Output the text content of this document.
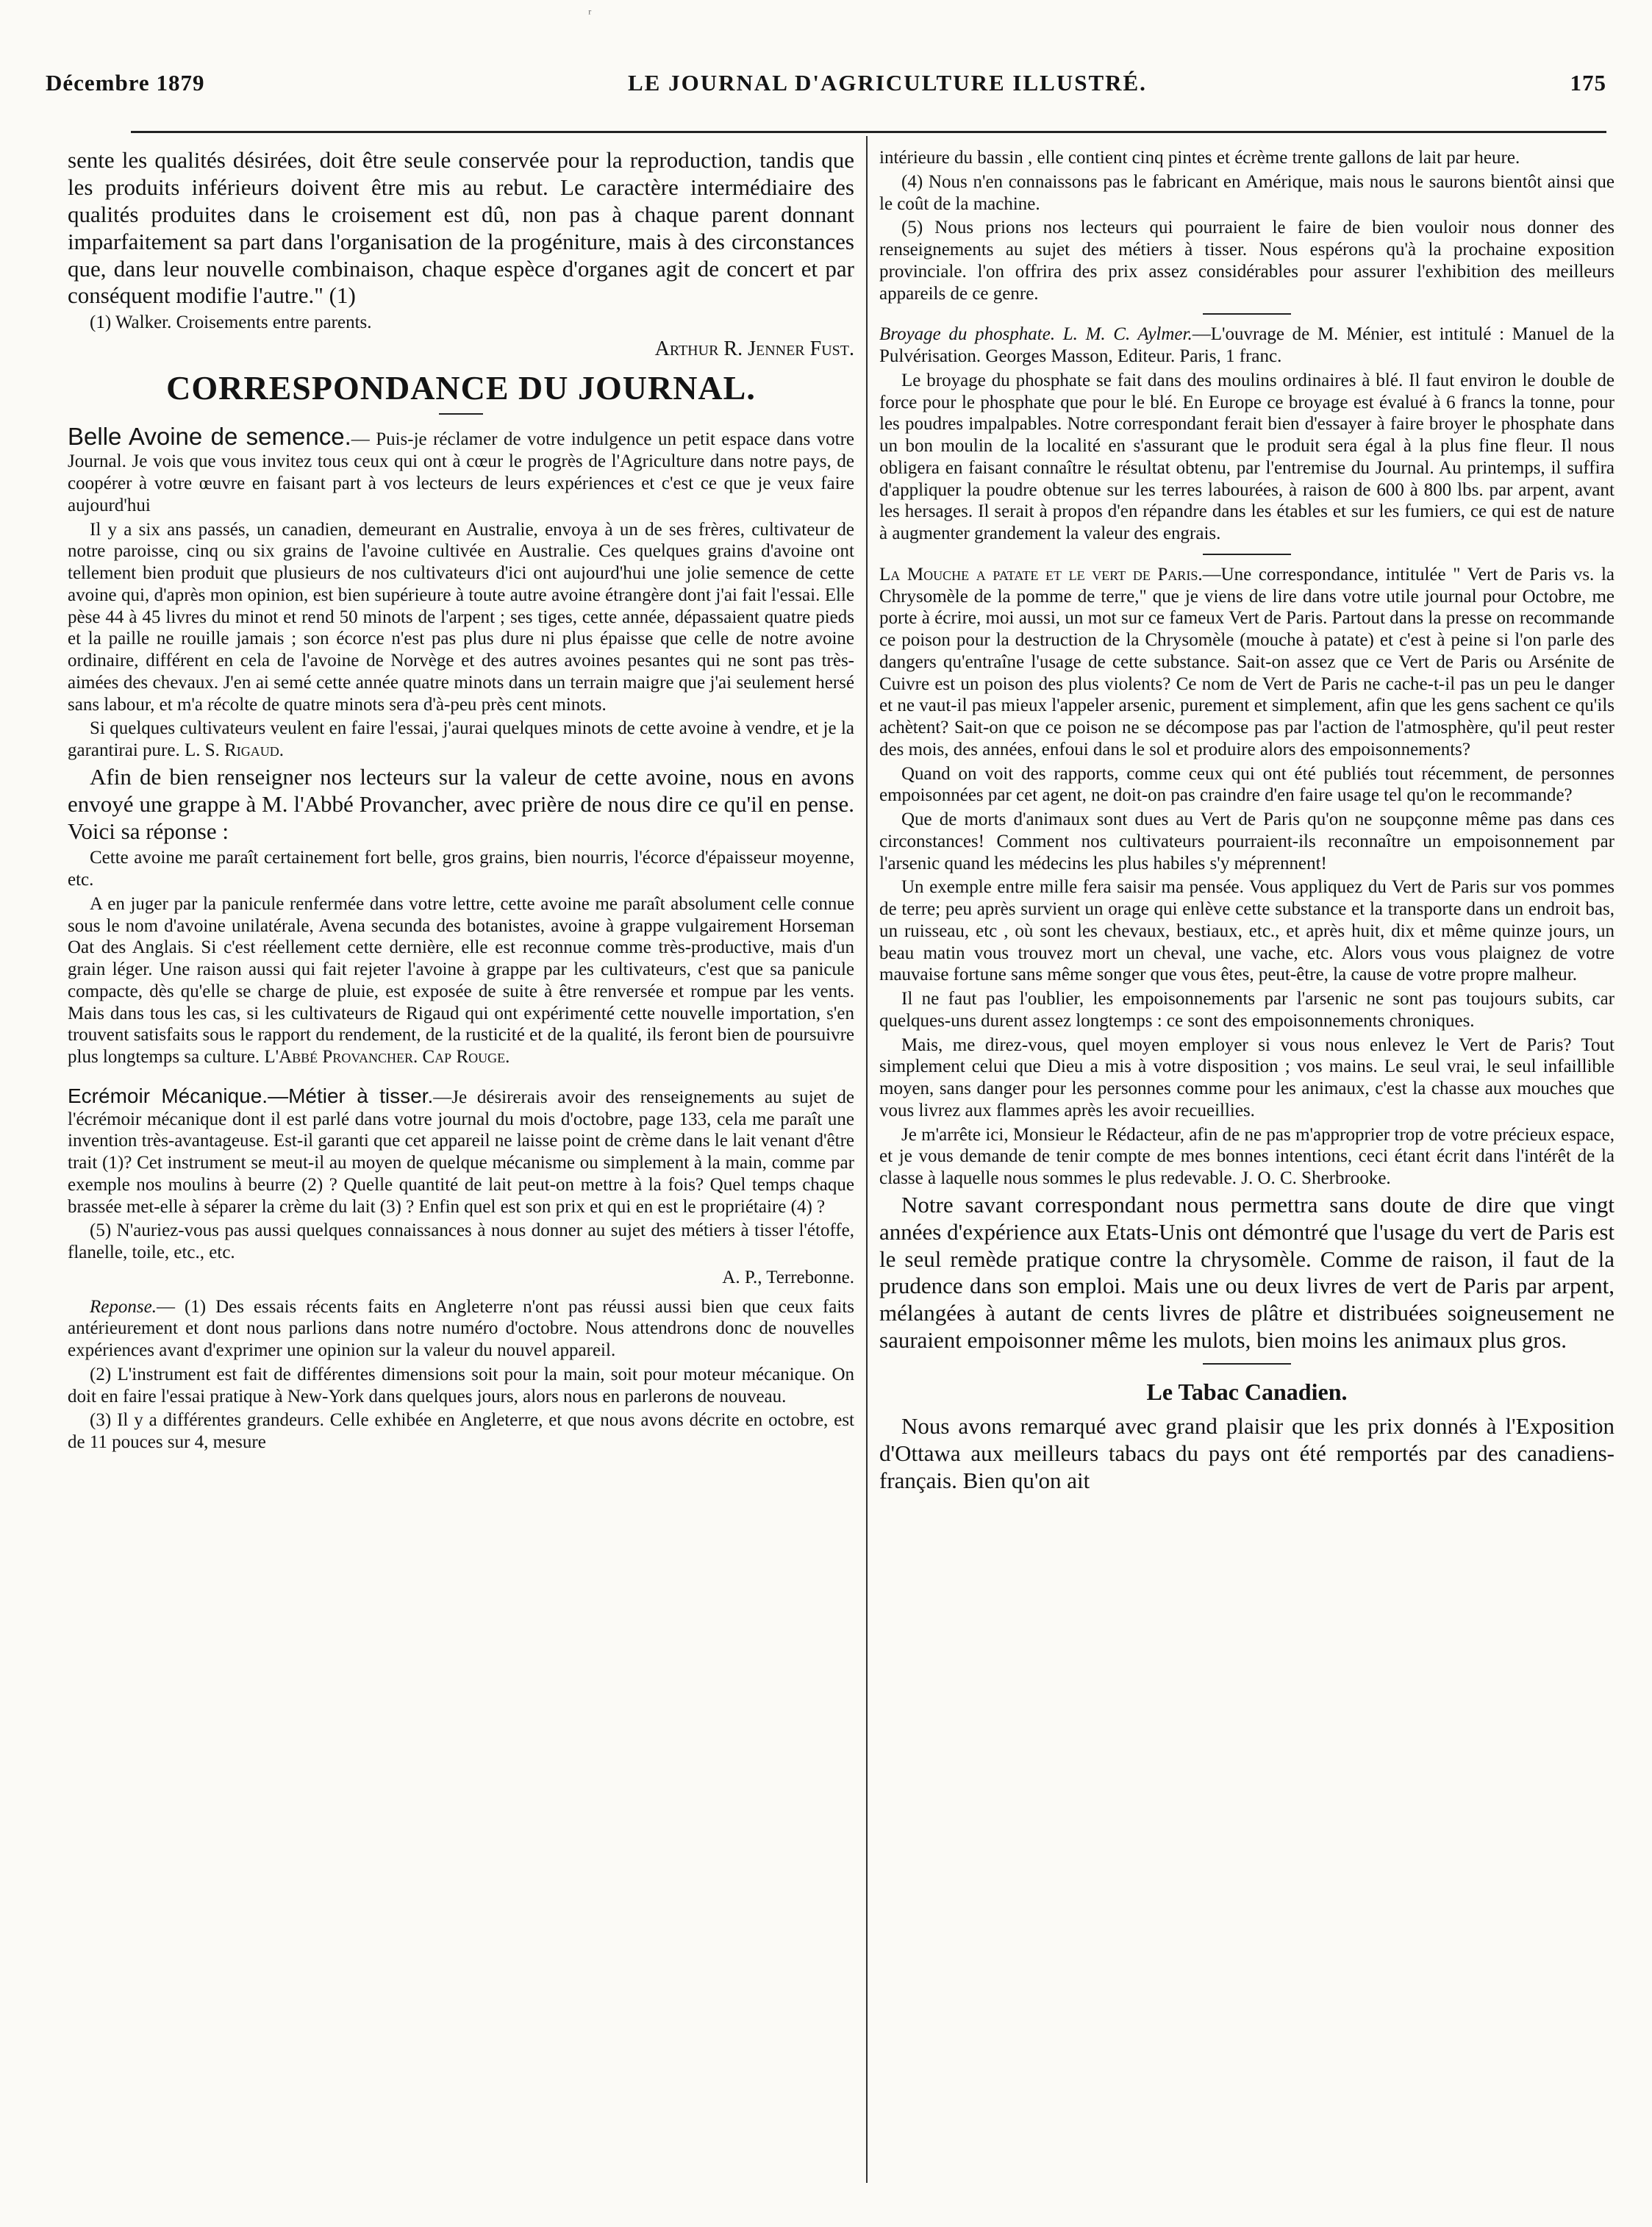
ʳ
Décembre 1879	LE JOURNAL D'AGRICULTURE ILLUSTRÉ.	175

sente les qualités désirées, doit être seule conservée pour la reproduction, tandis que les produits inférieurs doivent être mis au rebut. Le caractère intermédiaire des qualités produites dans le croisement est dû, non pas à chaque parent donnant imparfaitement sa part dans l'organisation de la progéniture, mais à des circonstances que, dans leur nouvelle combinaison, chaque espèce d'organes agit de concert et par conséquent modifie l'autre." (1)

(1) Walker. Croisements entre parents.

Arthur R. Jenner Fust.

CORRESPONDANCE DU JOURNAL.

Belle Avoine de semence.— Puis-je réclamer de votre indulgence un petit espace dans votre Journal. Je vois que vous invitez tous ceux qui ont à cœur le progrès de l'Agriculture dans notre pays, de coopérer à votre œuvre en faisant part à vos lecteurs de leurs expériences et c'est ce que je veux faire aujourd'hui

Il y a six ans passés, un canadien, demeurant en Australie, envoya à un de ses frères, cultivateur de notre paroisse, cinq ou six grains de l'avoine cultivée en Australie. Ces quelques grains d'avoine ont tellement bien produit que plusieurs de nos cultivateurs d'ici ont aujourd'hui une jolie semence de cette avoine qui, d'après mon opinion, est bien supérieure à toute autre avoine étrangère dont j'ai fait l'essai. Elle pèse 44 à 45 livres du minot et rend 50 minots de l'arpent ; ses tiges, cette année, dépassaient quatre pieds et la paille ne rouille jamais ; son écorce n'est pas plus dure ni plus épaisse que celle de notre avoine ordinaire, différent en cela de l'avoine de Norvège et des autres avoines pesantes qui ne sont pas très-aimées des chevaux. J'en ai semé cette année quatre minots dans un terrain maigre que j'ai seulement hersé sans labour, et m'a récolte de quatre minots sera d'à-peu près cent minots.

Si quelques cultivateurs veulent en faire l'essai, j'aurai quelques minots de cette avoine à vendre, et je la garantirai pure. L. S. Rigaud.

Afin de bien renseigner nos lecteurs sur la valeur de cette avoine, nous en avons envoyé une grappe à M. l'Abbé Provancher, avec prière de nous dire ce qu'il en pense. Voici sa réponse :

Cette avoine me paraît certainement fort belle, gros grains, bien nourris, l'écorce d'épaisseur moyenne, etc.

A en juger par la panicule renfermée dans votre lettre, cette avoine me paraît absolument celle connue sous le nom d'avoine unilatérale, Avena secunda des botanistes, avoine à grappe vulgairement Horseman Oat des Anglais. Si c'est réellement cette dernière, elle est reconnue comme très-productive, mais d'un grain léger. Une raison aussi qui fait rejeter l'avoine à grappe par les cultivateurs, c'est que sa panicule compacte, dès qu'elle se charge de pluie, est exposée de suite à être renversée et rompue par les vents. Mais dans tous les cas, si les cultivateurs de Rigaud qui ont expérimenté cette nouvelle importation, s'en trouvent satisfaits sous le rapport du rendement, de la rusticité et de la qualité, ils feront bien de poursuivre plus longtemps sa culture. L'Abbé Provancher. Cap Rouge.

Ecrémoir Mécanique.—Métier à tisser.—Je désirerais avoir des renseignements au sujet de l'écrémoir mécanique dont il est parlé dans votre journal du mois d'octobre, page 133, cela me paraît une invention très-avantageuse. Est-il garanti que cet appareil ne laisse point de crème dans le lait venant d'être trait (1)? Cet instrument se meut-il au moyen de quelque mécanisme ou simplement à la main, comme par exemple nos moulins à beurre (2) ? Quelle quantité de lait peut-on mettre à la fois? Quel temps chaque brassée met-elle à séparer la crème du lait (3) ? Enfin quel est son prix et qui en est le propriétaire (4) ?

(5) N'auriez-vous pas aussi quelques connaissances à nous donner au sujet des métiers à tisser l'étoffe, flanelle, toile, etc., etc.

A. P., Terrebonne.

Reponse.— (1) Des essais récents faits en Angleterre n'ont pas réussi aussi bien que ceux faits antérieurement et dont nous parlions dans notre numéro d'octobre. Nous attendrons donc de nouvelles expériences avant d'exprimer une opinion sur la valeur du nouvel appareil.

(2) L'instrument est fait de différentes dimensions soit pour la main, soit pour moteur mécanique. On doit en faire l'essai pratique à New-York dans quelques jours, alors nous en parlerons de nouveau.

(3) Il y a différentes grandeurs. Celle exhibée en Angleterre, et que nous avons décrite en octobre, est de 11 pouces sur 4, mesure

intérieure du bassin , elle contient cinq pintes et écrème trente gallons de lait par heure.

(4) Nous n'en connaissons pas le fabricant en Amérique, mais nous le saurons bientôt ainsi que le coût de la machine.

(5) Nous prions nos lecteurs qui pourraient le faire de bien vouloir nous donner des renseignements au sujet des métiers à tisser. Nous espérons qu'à la prochaine exposition provinciale. l'on offrira des prix assez considérables pour assurer l'exhibition des meilleurs appareils de ce genre.

Broyage du phosphate. L. M. C. Aylmer.—L'ouvrage de M. Ménier, est intitulé : Manuel de la Pulvérisation. Georges Masson, Editeur. Paris, 1 franc.

Le broyage du phosphate se fait dans des moulins ordinaires à blé. Il faut environ le double de force pour le phosphate que pour le blé. En Europe ce broyage est évalué à 6 francs la tonne, pour les poudres impalpables. Notre correspondant ferait bien d'essayer à faire broyer le phosphate dans un bon moulin de la localité en s'assurant que le produit sera égal à la plus fine fleur. Il nous obligera en faisant connaître le résultat obtenu, par l'entremise du Journal. Au printemps, il suffira d'appliquer la poudre obtenue sur les terres labourées, à raison de 600 à 800 lbs. par arpent, avant les hersages. Il serait à propos d'en répandre dans les étables et sur les fumiers, ce qui est de nature à augmenter grandement la valeur des engrais.

La Mouche a patate et le vert de Paris.—Une correspondance, intitulée " Vert de Paris vs. la Chrysomèle de la pomme de terre," que je viens de lire dans votre utile journal pour Octobre, me porte à écrire, moi aussi, un mot sur ce fameux Vert de Paris. Partout dans la presse on recommande ce poison pour la destruction de la Chrysomèle (mouche à patate) et c'est à peine si l'on parle des dangers qu'entraîne l'usage de cette substance. Sait-on assez que ce Vert de Paris ou Arsénite de Cuivre est un poison des plus violents? Ce nom de Vert de Paris ne cache-t-il pas un peu le danger et ne vaut-il pas mieux l'appeler arsenic, purement et simplement, afin que les gens sachent ce qu'ils achètent? Sait-on que ce poison ne se décompose pas par l'action de l'atmosphère, qu'il peut rester des mois, des années, enfoui dans le sol et produire alors des empoisonnements?

Quand on voit des rapports, comme ceux qui ont été publiés tout récemment, de personnes empoisonnées par cet agent, ne doit-on pas craindre d'en faire usage tel qu'on le recommande?

Que de morts d'animaux sont dues au Vert de Paris qu'on ne soupçonne même pas dans ces circonstances! Comment nos cultivateurs pourraient-ils reconnaître un empoisonnement par l'arsenic quand les médecins les plus habiles s'y méprennent!

Un exemple entre mille fera saisir ma pensée. Vous appliquez du Vert de Paris sur vos pommes de terre; peu après survient un orage qui enlève cette substance et la transporte dans un endroit bas, un ruisseau, etc , où sont les chevaux, bestiaux, etc., et après huit, dix et même quinze jours, un beau matin vous trouvez mort un cheval, une vache, etc. Alors vous vous plaignez de votre mauvaise fortune sans même songer que vous êtes, peut-être, la cause de votre propre malheur.

Il ne faut pas l'oublier, les empoisonnements par l'arsenic ne sont pas toujours subits, car quelques-uns durent assez longtemps : ce sont des empoisonnements chroniques.

Mais, me direz-vous, quel moyen employer si vous nous enlevez le Vert de Paris? Tout simplement celui que Dieu a mis à votre disposition ; vos mains. Le seul vrai, le seul infaillible moyen, sans danger pour les personnes comme pour les animaux, c'est la chasse aux mouches que vous livrez aux flammes après les avoir recueillies.

Je m'arrête ici, Monsieur le Rédacteur, afin de ne pas m'approprier trop de votre précieux espace, et je vous demande de tenir compte de mes bonnes intentions, ceci étant écrit dans l'intérêt de la classe à laquelle nous sommes le plus redevable. J. O. C. Sherbrooke.

Notre savant correspondant nous permettra sans doute de dire que vingt années d'expérience aux Etats-Unis ont démontré que l'usage du vert de Paris est le seul remède pratique contre la chrysomèle. Comme de raison, il faut de la prudence dans son emploi. Mais une ou deux livres de vert de Paris par arpent, mélangées à autant de cents livres de plâtre et distribuées soigneusement ne sauraient empoisonner même les mulots, bien moins les animaux plus gros.

Le Tabac Canadien.

Nous avons remarqué avec grand plaisir que les prix donnés à l'Exposition d'Ottawa aux meilleurs tabacs du pays ont été remportés par des canadiens-français. Bien qu'on ait
